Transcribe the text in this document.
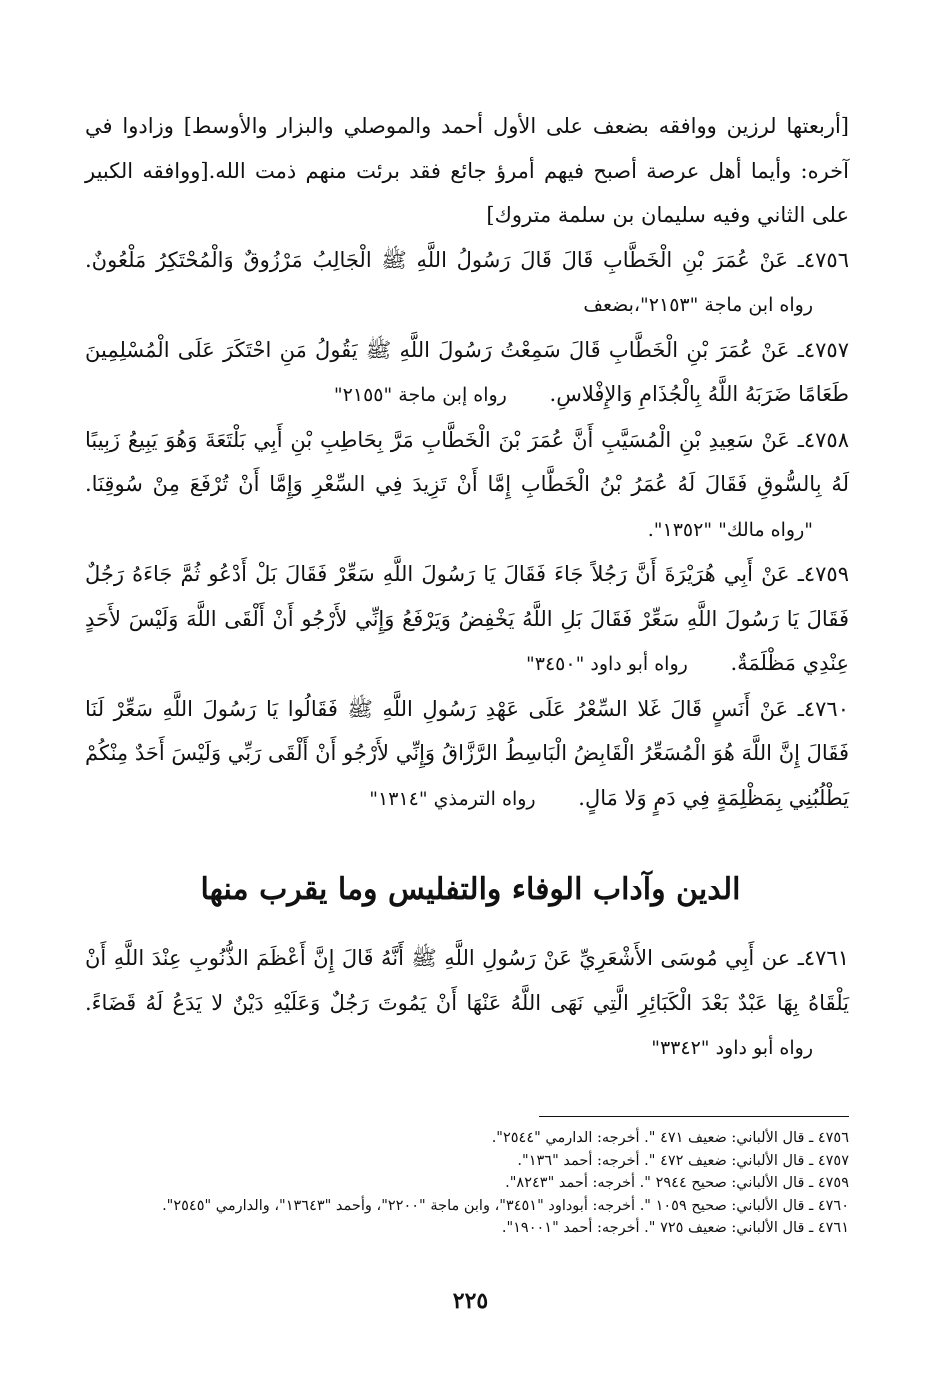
[أربعتها لرزين ووافقه بضعف على الأول أحمد والموصلي والبزار والأوسط] وزادوا في آخره: وأيما أهل عرصة أصبح فيهم أمرؤ جائع فقد برئت منهم ذمت الله.[ووافقه الكبير على الثاني وفيه سليمان بن سلمة متروك]

٤٧٥٦ـ عَنْ عُمَرَ بْنِ الْخَطَّابِ قَالَ قَالَ رَسُولُ اللَّهِ ﷺ الْجَالِبُ مَرْزُوقٌ وَالْمُحْتَكِرُ مَلْعُونٌ. رواه ابن ماجة "٢١٥٣"،بضعف

٤٧٥٧ـ عَنْ عُمَرَ بْنِ الْخَطَّابِ قَالَ سَمِعْتُ رَسُولَ اللَّهِ ﷺ يَقُولُ مَنِ احْتَكَرَ عَلَى الْمُسْلِمِينَ طَعَامًا ضَرَبَهُ اللَّهُ بِالْجُذَامِ وَالإِفْلاسِ. رواه إبن ماجة "٢١٥٥"

٤٧٥٨ـ عَنْ سَعِيدِ بْنِ الْمُسَيَّبِ أَنَّ عُمَرَ بْنَ الْخَطَّابِ مَرَّ بِحَاطِبِ بْنِ أَبِي بَلْتَعَةَ وَهُوَ يَبِيعُ زَبِيبًا لَهُ بِالسُّوقِ فَقَالَ لَهُ عُمَرُ بْنُ الْخَطَّابِ إِمَّا أَنْ تَزِيدَ فِي السِّعْرِ وَإِمَّا أَنْ تُرْفَعَ مِنْ سُوقِنَا. "رواه مالك" "١٣٥٢".

٤٧٥٩ـ عَنْ أَبِي هُرَيْرَةَ أَنَّ رَجُلاً جَاءَ فَقَالَ يَا رَسُولَ اللَّهِ سَعِّرْ فَقَالَ بَلْ أَدْعُو ثُمَّ جَاءَهُ رَجُلٌ فَقَالَ يَا رَسُولَ اللَّهِ سَعِّرْ فَقَالَ بَلِ اللَّهُ يَخْفِضُ وَيَرْفَعُ وَإِنِّي لأَرْجُو أَنْ أَلْقَى اللَّهَ وَلَيْسَ لأَحَدٍ عِنْدِي مَظْلَمَةٌ. رواه أبو داود "٣٤٥٠"

٤٧٦٠ـ عَنْ أَنَسٍ قَالَ غَلا السِّعْرُ عَلَى عَهْدِ رَسُولِ اللَّهِ ﷺ فَقَالُوا يَا رَسُولَ اللَّهِ سَعِّرْ لَنَا فَقَالَ إِنَّ اللَّهَ هُوَ الْمُسَعِّرُ الْقَابِضُ الْبَاسِطُ الرَّزَّاقُ وَإِنِّي لأَرْجُو أَنْ أَلْقَى رَبِّي وَلَيْسَ أَحَدٌ مِنْكُمْ يَطْلُبُنِي بِمَظْلِمَةٍ فِي دَمٍ وَلا مَالٍ. رواه الترمذي "١٣١٤"

الدين وآداب الوفاء والتفليس وما يقرب منها

٤٧٦١ـ عن أَبِي مُوسَى الأَشْعَرِيِّ عَنْ رَسُولِ اللَّهِ ﷺ أَنَّهُ قَالَ إِنَّ أَعْظَمَ الذُّنُوبِ عِنْدَ اللَّهِ أَنْ يَلْقَاهُ بِهَا عَبْدٌ بَعْدَ الْكَبَائِرِ الَّتِي نَهَى اللَّهُ عَنْهَا أَنْ يَمُوتَ رَجُلٌ وَعَلَيْهِ دَيْنٌ لا يَدَعُ لَهُ قَضَاءً. رواه أبو داود "٣٣٤٢"

٤٧٥٦ ـ قال الألباني: ضعيف ٤٧١ ". أخرجه: الدارمي "٢٥٤٤".

٤٧٥٧ ـ قال الألباني: ضعيف ٤٧٢ ". أخرجه: أحمد "١٣٦".

٤٧٥٩ ـ قال الألباني: صحيح ٢٩٤٤ ". أخرجه: أحمد "٨٢٤٣".

٤٧٦٠ ـ قال الألباني: صحيح ١٠٥٩ ". أخرجه: أبوداود "٣٤٥١"، وابن ماجة "٢٢٠٠"، وأحمد "١٣٦٤٣"، والدارمي "٢٥٤٥".

٤٧٦١ ـ قال الألباني: ضعيف ٧٢٥ ". أخرجه: أحمد "١٩٠٠١".

٢٢٥
